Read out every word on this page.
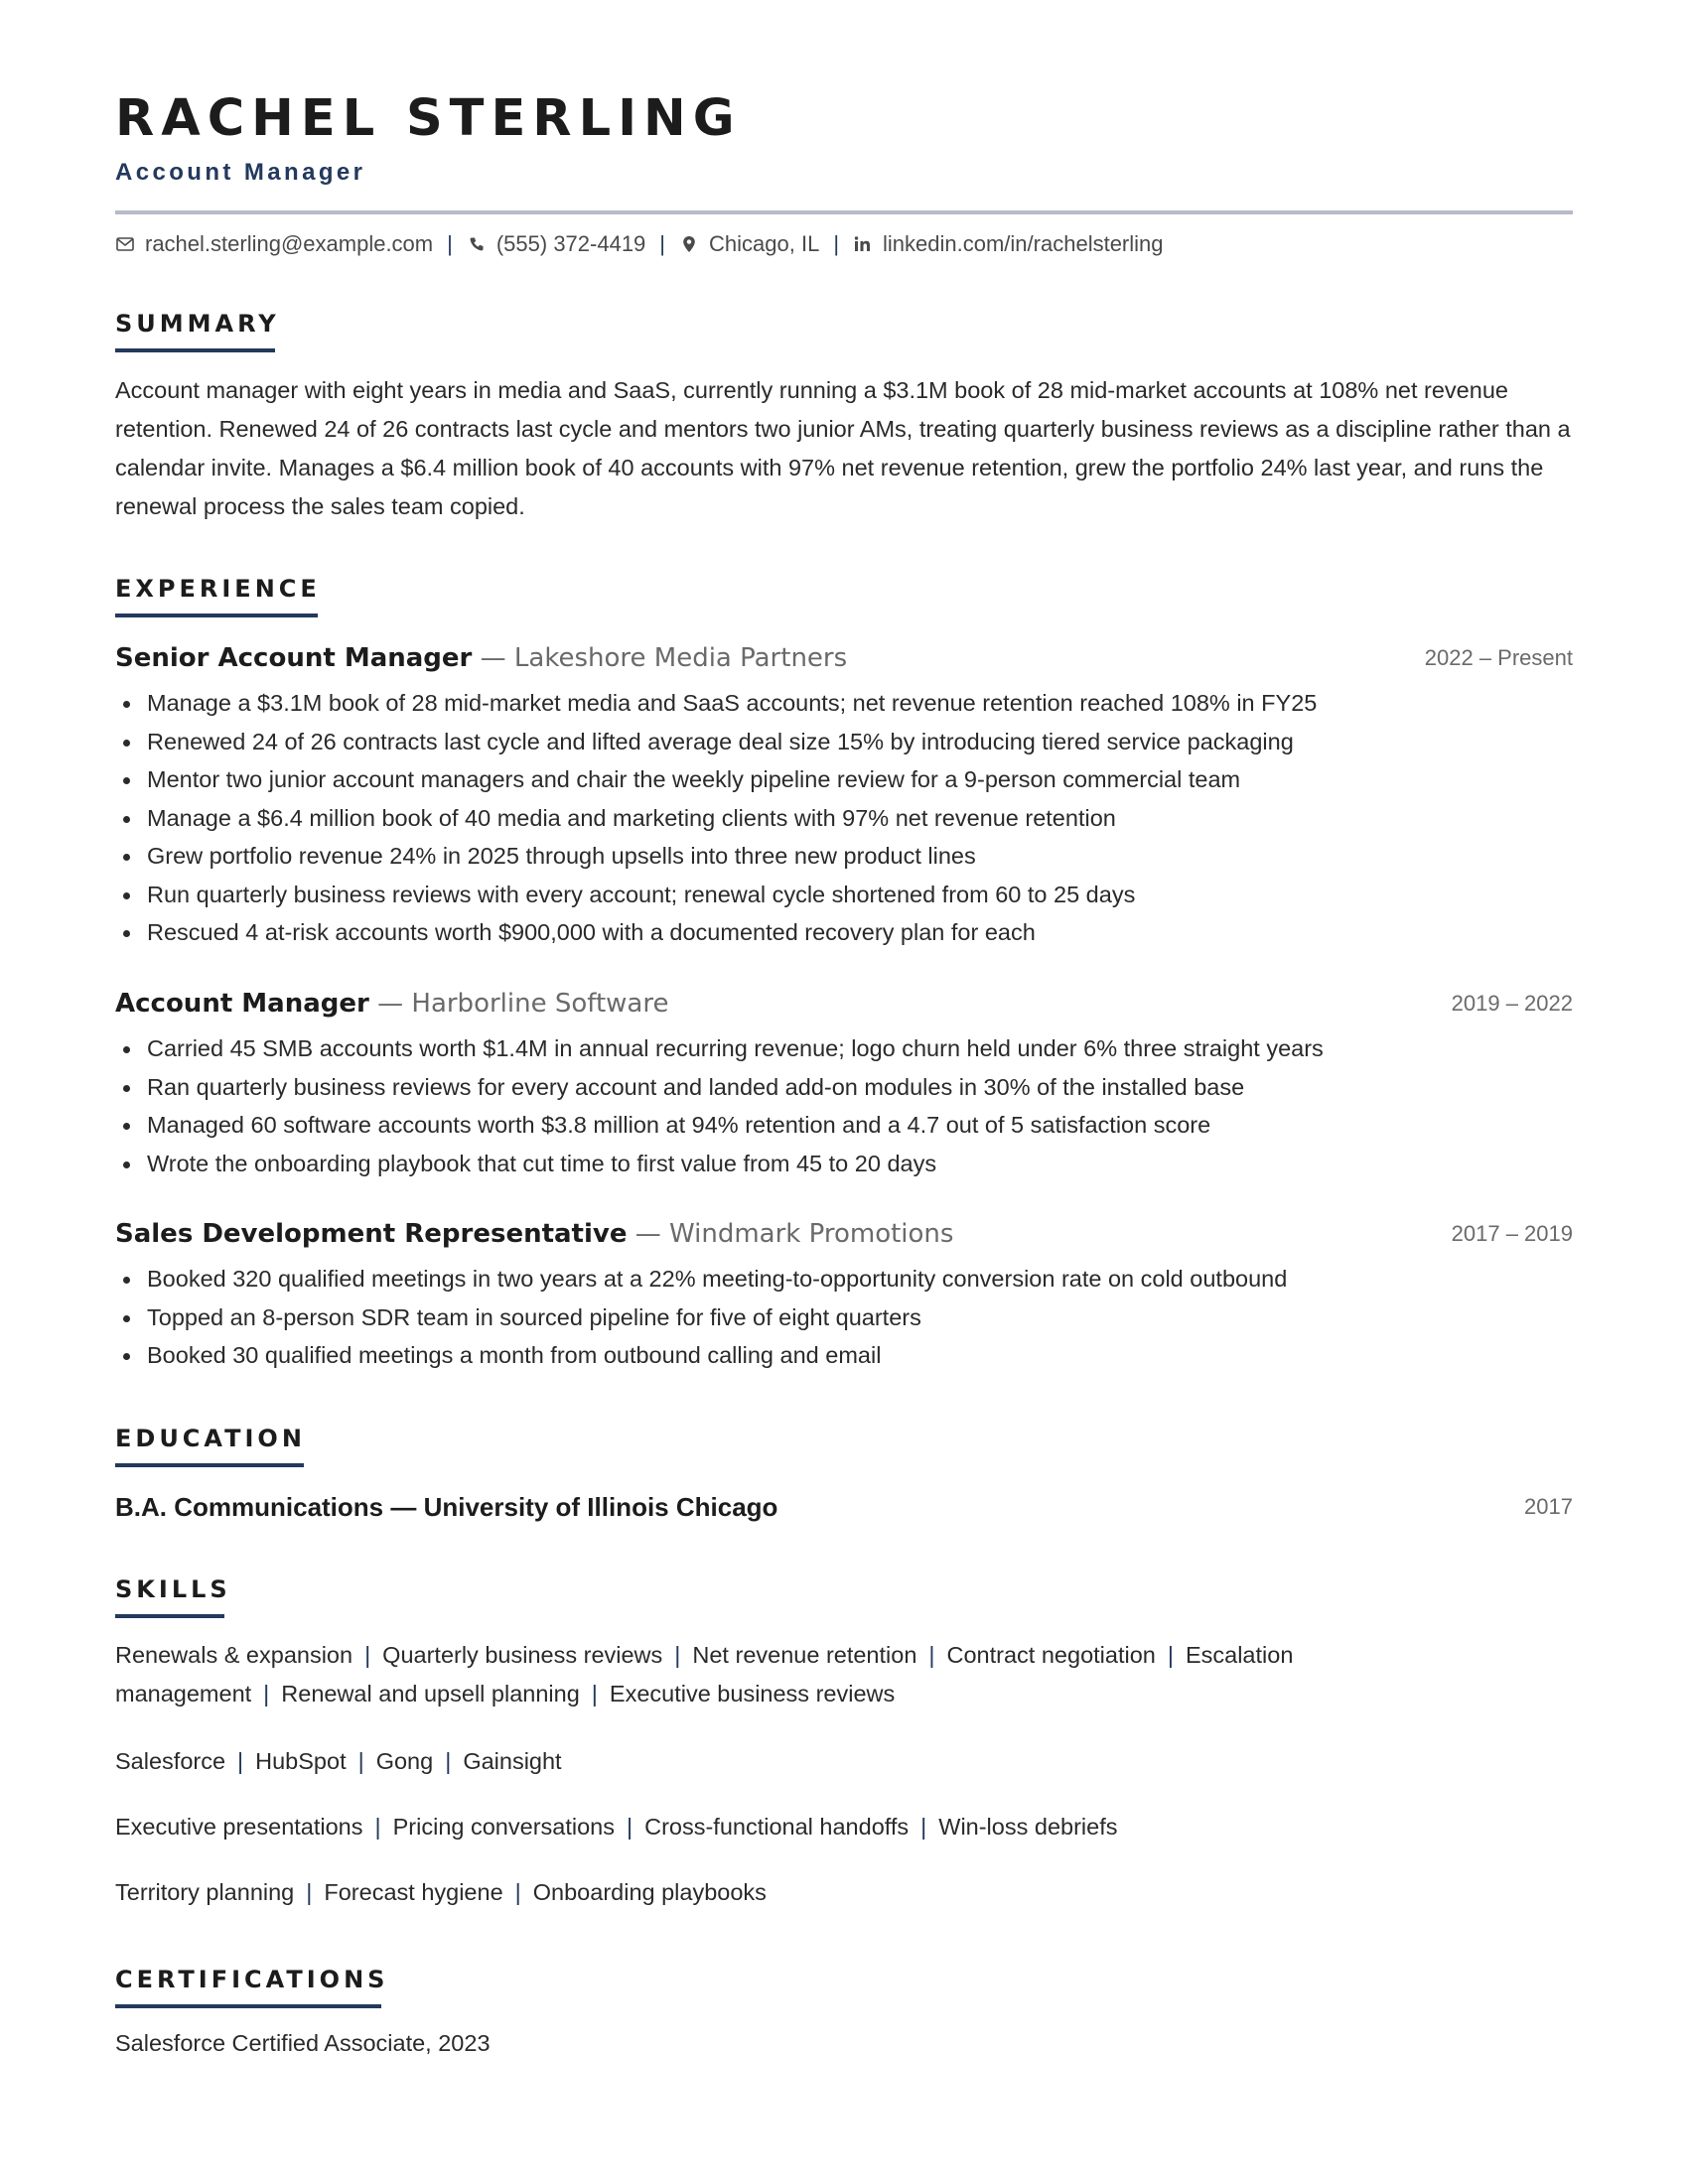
RACHEL STERLING
Account Manager
rachel.sterling@example.com | (555) 372-4419 | Chicago, IL | linkedin.com/in/rachelsterling
SUMMARY
Account manager with eight years in media and SaaS, currently running a $3.1M book of 28 mid-market accounts at 108% net revenue retention. Renewed 24 of 26 contracts last cycle and mentors two junior AMs, treating quarterly business reviews as a discipline rather than a calendar invite. Manages a $6.4 million book of 40 accounts with 97% net revenue retention, grew the portfolio 24% last year, and runs the renewal process the sales team copied.
EXPERIENCE
Senior Account Manager — Lakeshore Media Partners	2022 – Present
Manage a $3.1M book of 28 mid-market media and SaaS accounts; net revenue retention reached 108% in FY25
Renewed 24 of 26 contracts last cycle and lifted average deal size 15% by introducing tiered service packaging
Mentor two junior account managers and chair the weekly pipeline review for a 9-person commercial team
Manage a $6.4 million book of 40 media and marketing clients with 97% net revenue retention
Grew portfolio revenue 24% in 2025 through upsells into three new product lines
Run quarterly business reviews with every account; renewal cycle shortened from 60 to 25 days
Rescued 4 at-risk accounts worth $900,000 with a documented recovery plan for each
Account Manager — Harborline Software	2019 – 2022
Carried 45 SMB accounts worth $1.4M in annual recurring revenue; logo churn held under 6% three straight years
Ran quarterly business reviews for every account and landed add-on modules in 30% of the installed base
Managed 60 software accounts worth $3.8 million at 94% retention and a 4.7 out of 5 satisfaction score
Wrote the onboarding playbook that cut time to first value from 45 to 20 days
Sales Development Representative — Windmark Promotions	2017 – 2019
Booked 320 qualified meetings in two years at a 22% meeting-to-opportunity conversion rate on cold outbound
Topped an 8-person SDR team in sourced pipeline for five of eight quarters
Booked 30 qualified meetings a month from outbound calling and email
EDUCATION
B.A. Communications — University of Illinois Chicago	2017
SKILLS
Renewals & expansion | Quarterly business reviews | Net revenue retention | Contract negotiation | Escalation management | Renewal and upsell planning | Executive business reviews
Salesforce | HubSpot | Gong | Gainsight
Executive presentations | Pricing conversations | Cross-functional handoffs | Win-loss debriefs
Territory planning | Forecast hygiene | Onboarding playbooks
CERTIFICATIONS
Salesforce Certified Associate, 2023
